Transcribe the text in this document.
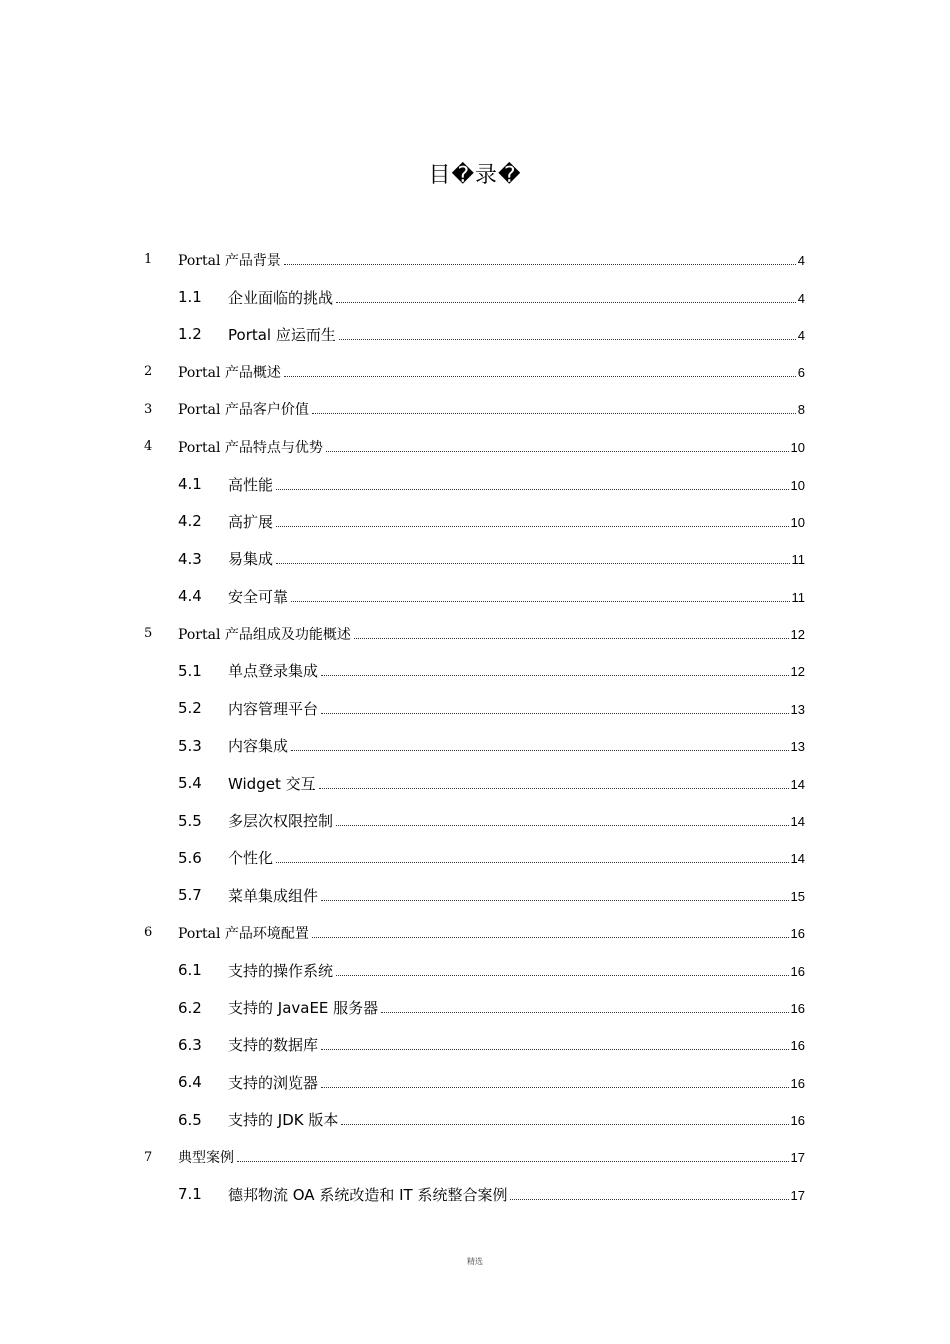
目�录�
1 Portal 产品背景	4
1.1 企业面临的挑战	4
1.2 Portal 应运而生	4
2 Portal 产品概述	6
3 Portal 产品客户价值	8
4 Portal 产品特点与优势	10
4.1 高性能	10
4.2 高扩展	10
4.3 易集成	11
4.4 安全可靠	11
5 Portal 产品组成及功能概述	12
5.1 单点登录集成	12
5.2 内容管理平台	13
5.3 内容集成	13
5.4 Widget 交互	14
5.5 多层次权限控制	14
5.6 个性化	14
5.7 菜单集成组件	15
6 Portal 产品环境配置	16
6.1 支持的操作系统	16
6.2 支持的 JavaEE 服务器	16
6.3 支持的数据库	16
6.4 支持的浏览器	16
6.5 支持的 JDK 版本	16
7 典型案例	17
7.1 德邦物流 OA 系统改造和 IT 系统整合案例	17
精选
